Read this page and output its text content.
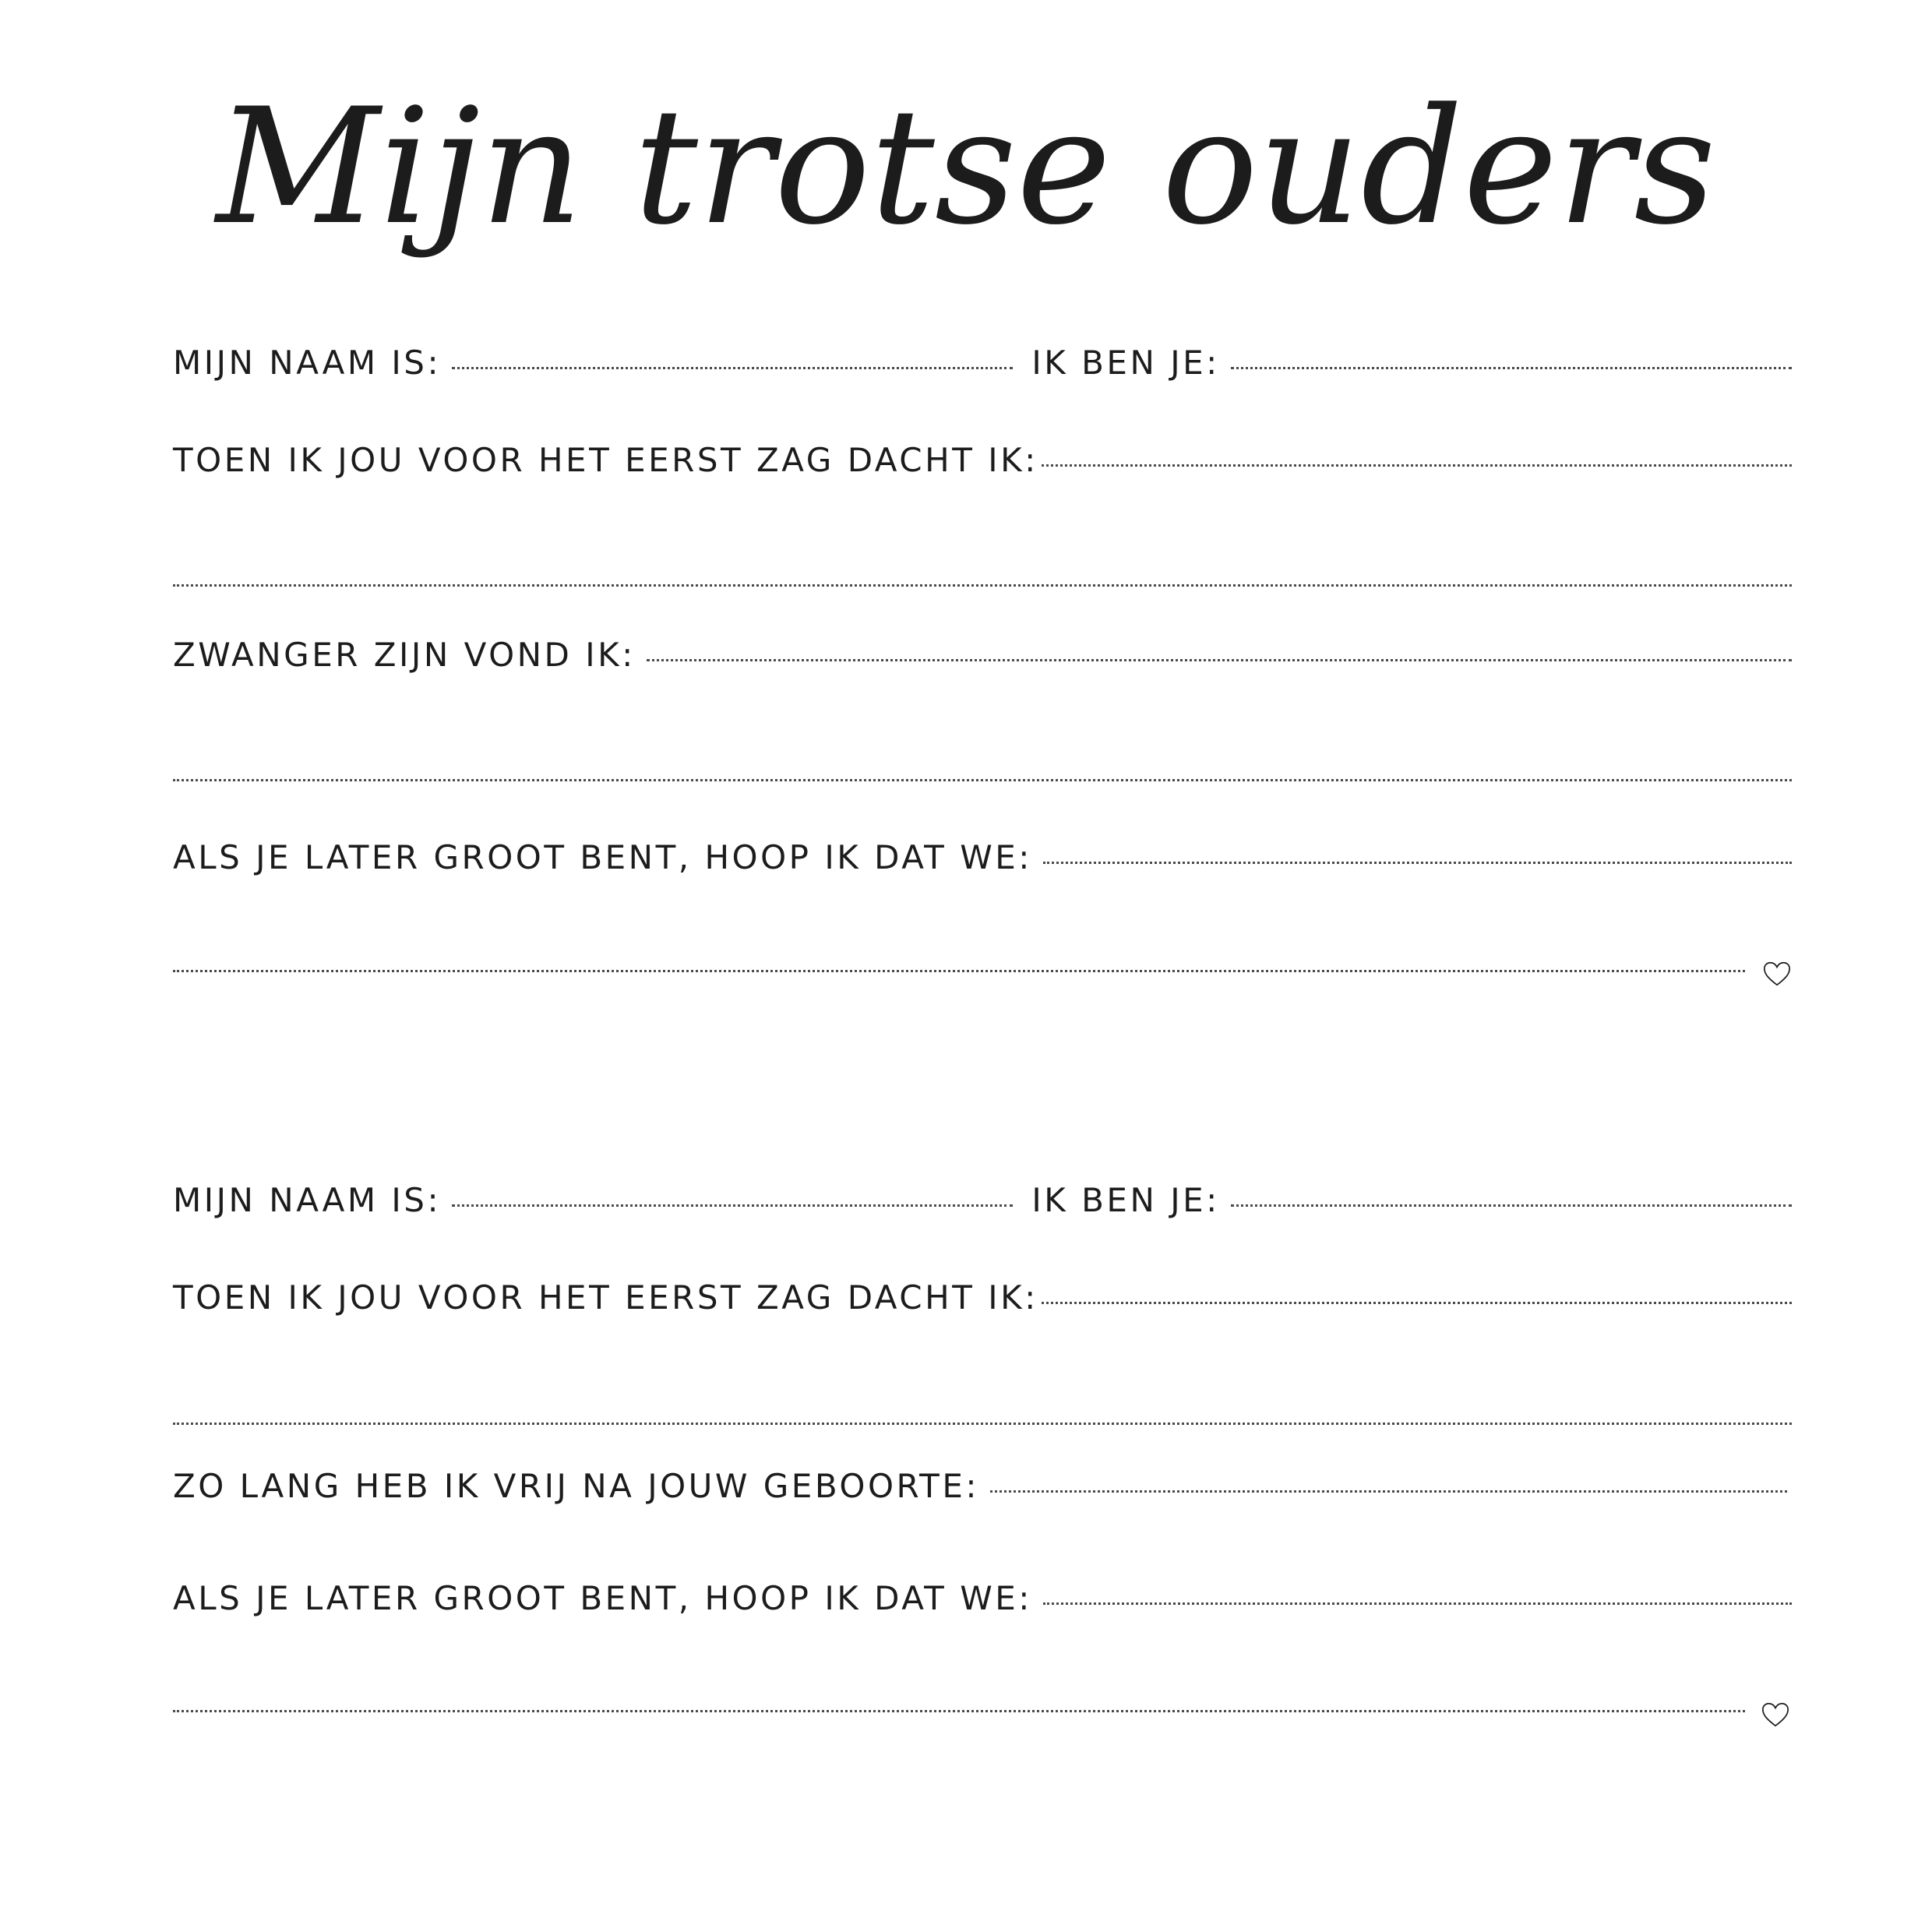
Mijn trotse ouders
MIJN NAAM IS:	IK BEN JE:
TOEN IK JOU VOOR HET EERST ZAG DACHT IK:
ZWANGER ZIJN VOND IK:
ALS JE LATER GROOT BENT, HOOP IK DAT WE:
MIJN NAAM IS:	IK BEN JE:
TOEN IK JOU VOOR HET EERST ZAG DACHT IK:
ZO LANG HEB IK VRIJ NA JOUW GEBOORTE:
ALS JE LATER GROOT BENT, HOOP IK DAT WE:
